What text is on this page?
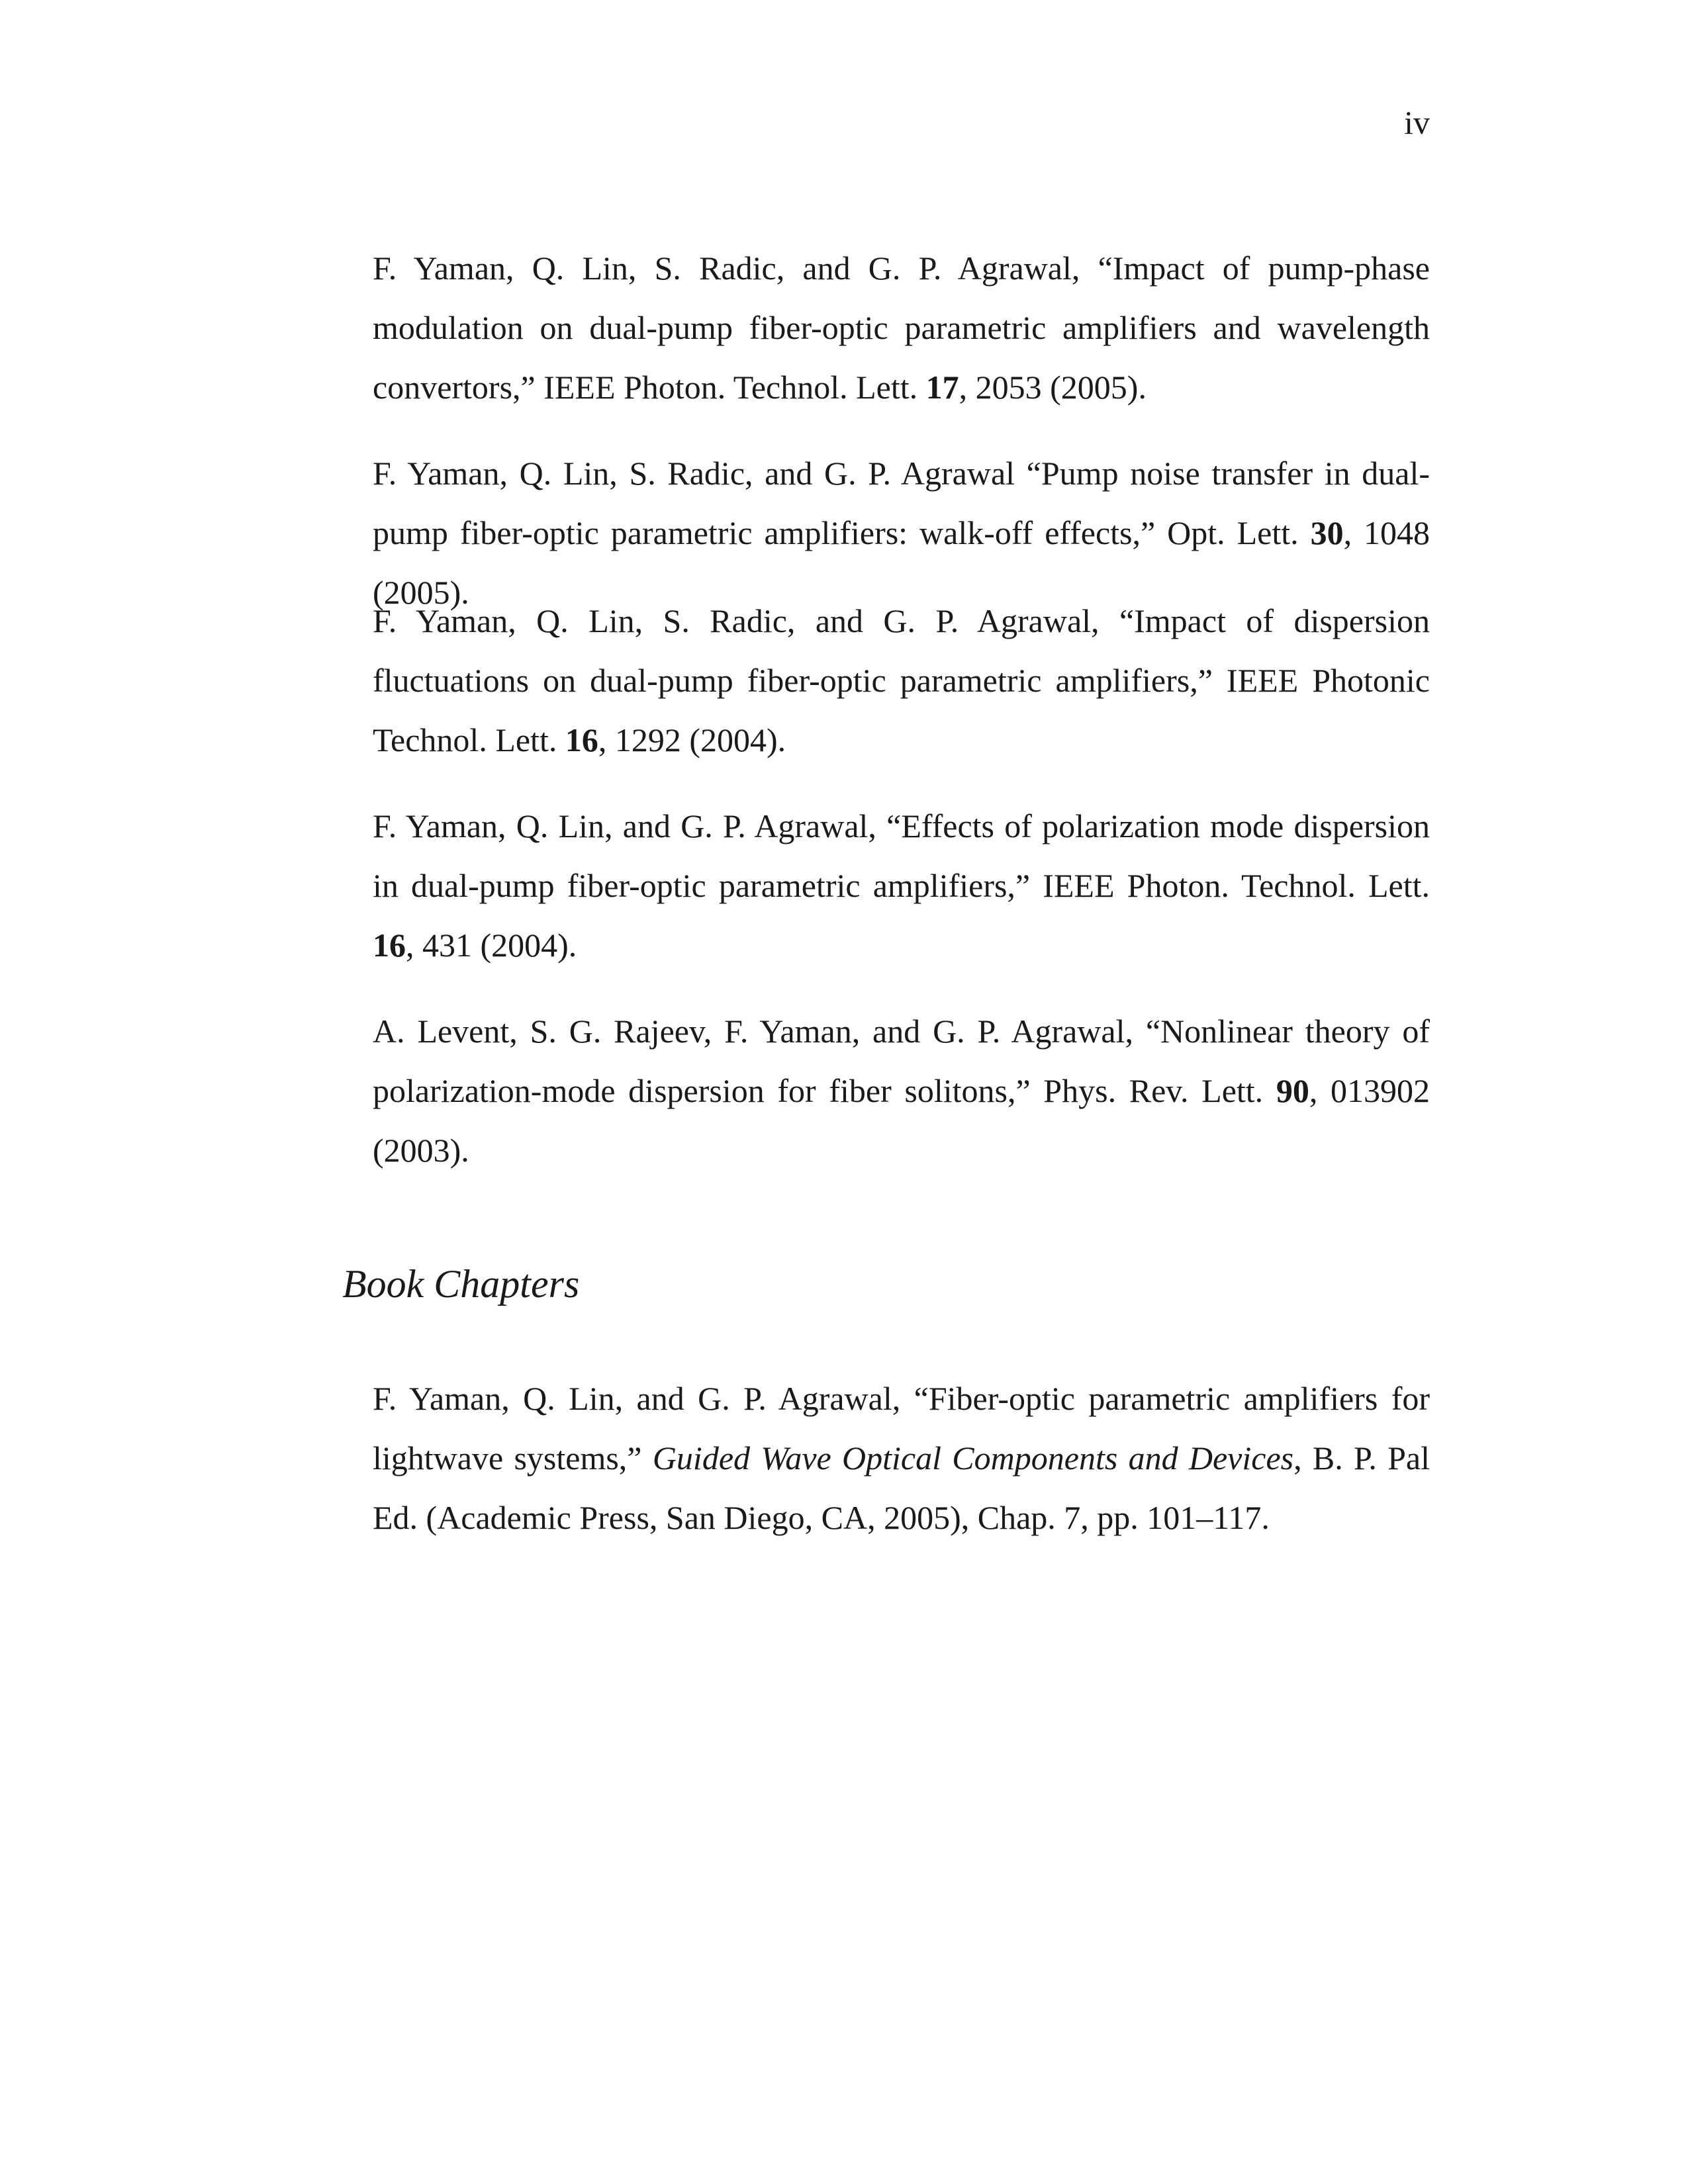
iv

F. Yaman, Q. Lin, S. Radic, and G. P. Agrawal, “Impact of pump-phase modulation on dual-pump fiber-optic parametric amplifiers and wavelength convertors,” IEEE Photon. Technol. Lett. 17, 2053 (2005).

F. Yaman, Q. Lin, S. Radic, and G. P. Agrawal “Pump noise transfer in dual-pump fiber-optic parametric amplifiers: walk-off effects,” Opt. Lett. 30, 1048 (2005).

F. Yaman, Q. Lin, S. Radic, and G. P. Agrawal, “Impact of dispersion fluctuations on dual-pump fiber-optic parametric amplifiers,” IEEE Photonic Technol. Lett. 16, 1292 (2004).

F. Yaman, Q. Lin, and G. P. Agrawal, “Effects of polarization mode dispersion in dual-pump fiber-optic parametric amplifiers,” IEEE Photon. Technol. Lett. 16, 431 (2004).

A. Levent, S. G. Rajeev, F. Yaman, and G. P. Agrawal, “Nonlinear theory of polarization-mode dispersion for fiber solitons,” Phys. Rev. Lett. 90, 013902 (2003).

Book Chapters

F. Yaman, Q. Lin, and G. P. Agrawal, “Fiber-optic parametric amplifiers for lightwave systems,” Guided Wave Optical Components and Devices, B. P. Pal Ed. (Academic Press, San Diego, CA, 2005), Chap. 7, pp. 101–117.
